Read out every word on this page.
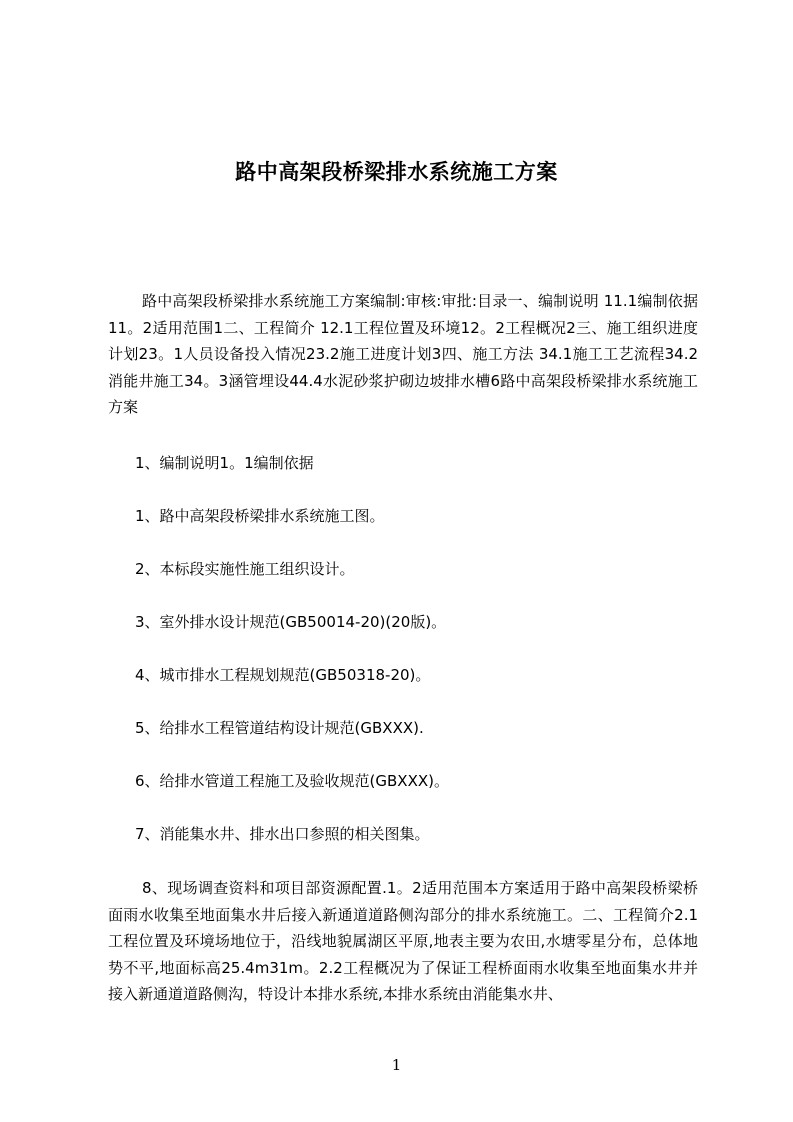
路中高架段桥梁排水系统施工方案

路中高架段桥梁排水系统施工方案编制:审核:审批:目录一、编制说明 11.1编制依据11。2适用范围1二、工程简介 12.1工程位置及环境12。2工程概况2三、施工组织进度计划23。1人员设备投入情况23.2施工进度计划3四、施工方法 34.1施工工艺流程34.2消能井施工34。3涵管埋设44.4水泥砂浆护砌边坡排水槽6路中高架段桥梁排水系统施工方案

1、编制说明1。1编制依据

1、路中高架段桥梁排水系统施工图。

2、本标段实施性施工组织设计。

3、室外排水设计规范(GB50014-20)(20版)。

4、城市排水工程规划规范(GB50318-20)。

5、给排水工程管道结构设计规范(GBXXX).

6、给排水管道工程施工及验收规范(GBXXX)。

7、消能集水井、排水出口参照的相关图集。

8、现场调查资料和项目部资源配置.1。2适用范围本方案适用于路中高架段桥梁桥面雨水收集至地面集水井后接入新通道道路侧沟部分的排水系统施工。二、工程简介2.1工程位置及环境场地位于，沿线地貌属湖区平原,地表主要为农田,水塘零星分布，总体地势不平,地面标高25.4m31m。2.2工程概况为了保证工程桥面雨水收集至地面集水井并接入新通道道路侧沟，特设计本排水系统,本排水系统由消能集水井、

1
